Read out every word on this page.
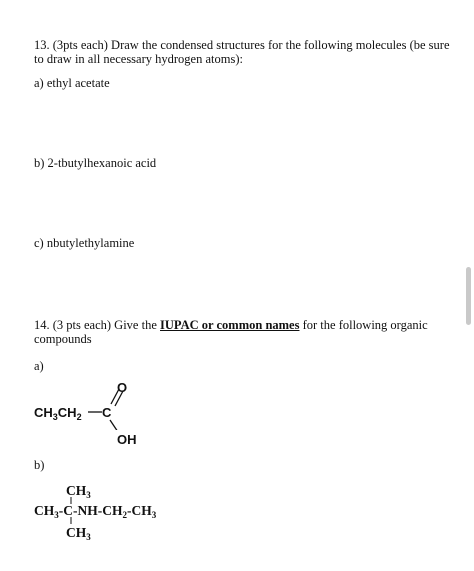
13. (3pts each) Draw the condensed structures for the following molecules (be sure to draw in all necessary hydrogen atoms):
a) ethyl acetate
b) 2-tbutylhexanoic acid
c) nbutylethylamine
14. (3 pts each) Give the IUPAC or common names for the following organic compounds
a)
$CH_3CH_2$ C
O
OH
b)
$CH_3$
$CH_3-C-NH-CH_2-CH_3$
$CH_3$
